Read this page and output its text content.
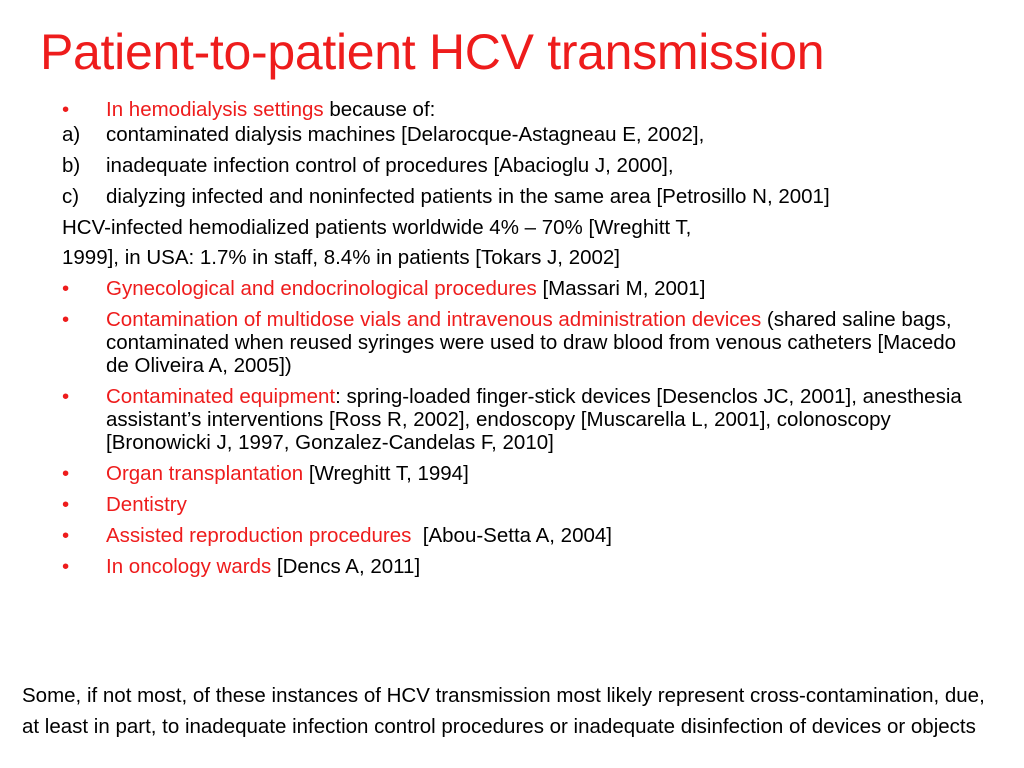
Patient-to-patient HCV transmission
•	In hemodialysis settings because of:
a)	contaminated dialysis machines [Delarocque-Astagneau E, 2002],
b)	inadequate infection control of procedures [Abacioglu J, 2000],
c)	dialyzing infected and noninfected patients in the same area [Petrosillo N, 2001]
HCV-infected hemodialized patients worldwide 4% – 70% [Wreghitt T,
1999], in USA: 1.7% in staff, 8.4% in patients [Tokars J, 2002]
•	Gynecological and endocrinological procedures [Massari M, 2001]
•	Contamination of multidose vials and intravenous administration devices (shared saline bags, contaminated when reused syringes were used to draw blood from venous catheters [Macedo de Oliveira A, 2005])
•	Contaminated equipment: spring-loaded finger-stick devices [Desenclos JC, 2001], anesthesia assistant’s interventions [Ross R, 2002], endoscopy [Muscarella L, 2001], colonoscopy [Bronowicki J, 1997, Gonzalez-Candelas F, 2010]
•	Organ transplantation [Wreghitt T, 1994]
•	Dentistry
•	Assisted reproduction procedures  [Abou-Setta A, 2004]
•	In oncology wards [Dencs A, 2011]
Some, if not most, of these instances of HCV transmission most likely represent cross-contamination, due, at least in part, to inadequate infection control procedures or inadequate disinfection of devices or objects
